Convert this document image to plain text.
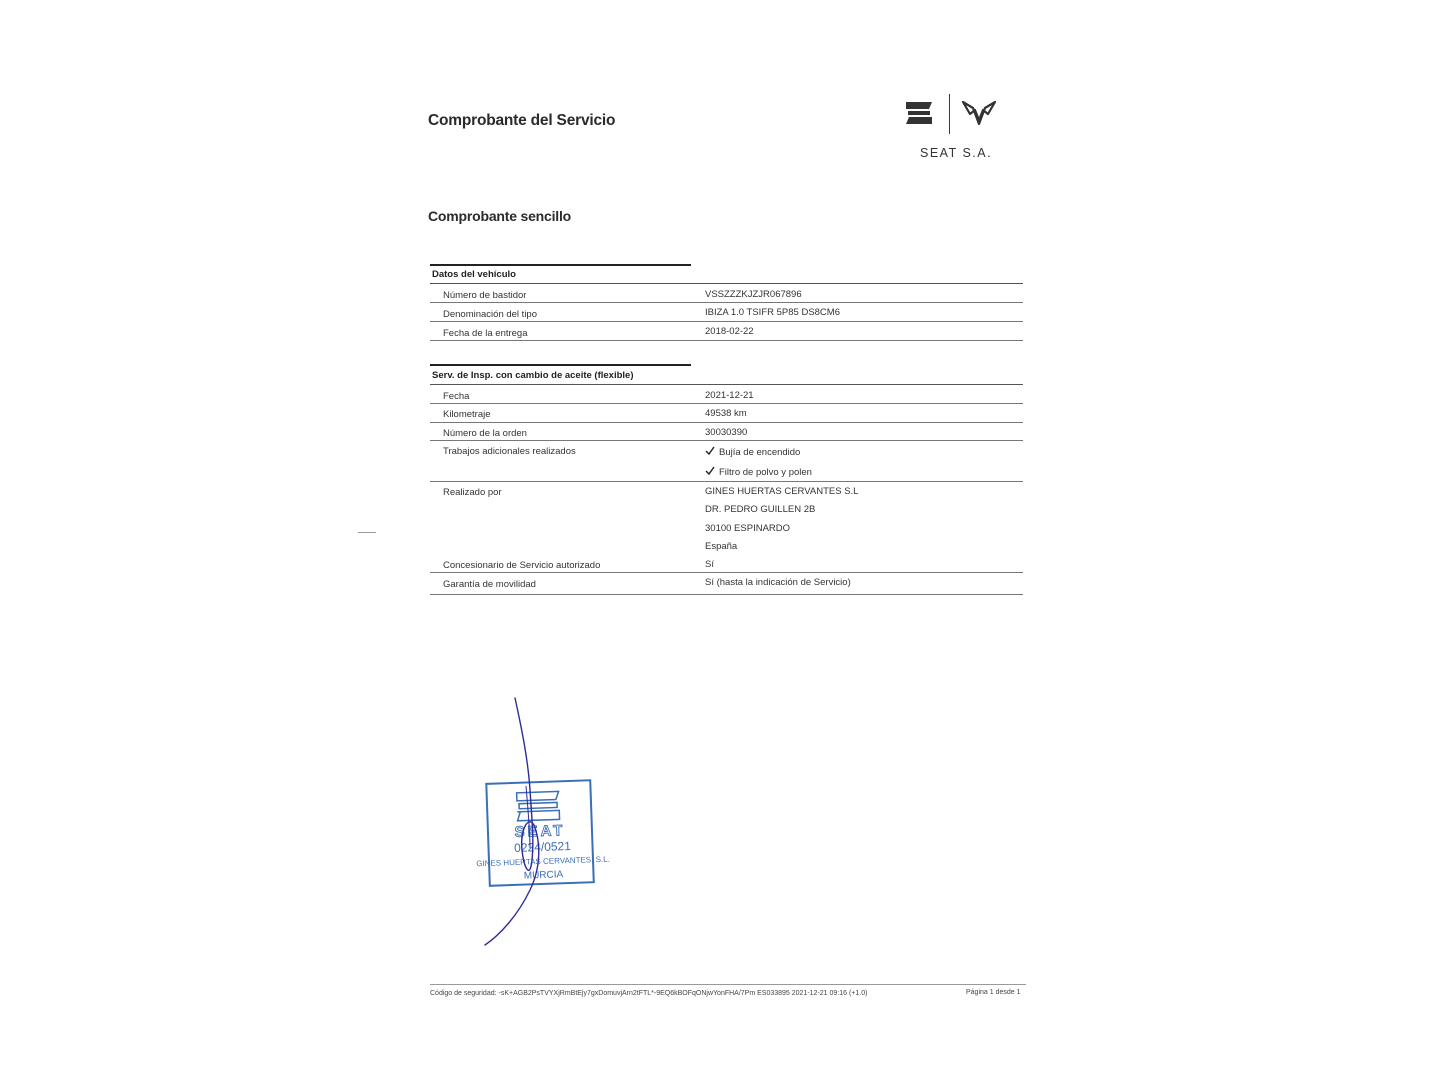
Comprobante del Servicio
SEAT S.A.
Comprobante sencillo
Datos del vehículo
Número de bastidor	VSSZZZKJZJR067896
Denominación del tipo	IBIZA 1.0 TSIFR 5P85 DS8CM6
Fecha de la entrega	2018-02-22
Serv. de Insp. con cambio de aceite (flexible)
Fecha	2021-12-21
Kilometraje	49538 km
Número de la orden	30030390
Trabajos adicionales realizados	Bujía de encendido
Filtro de polvo y polen
Realizado por	GINES HUERTAS CERVANTES S.L
DR. PEDRO GUILLEN 2B
30100 ESPINARDO
España
Concesionario de Servicio autorizado	Sí
Garantía de movilidad	Sí (hasta la indicación de Servicio)
SEAT
0224/0521
GINES HUERTAS CERVANTES, S.L.
MURCIA
Código de seguridad: -sK+AGB2PsTVYXjRmBtEjy7gxDomuvjArn2tFTL*-9EQ6kBOFqONjwYonFHA/7Pm ES033895 2021-12-21 09:16 (+1.0)	Página 1 desde 1
